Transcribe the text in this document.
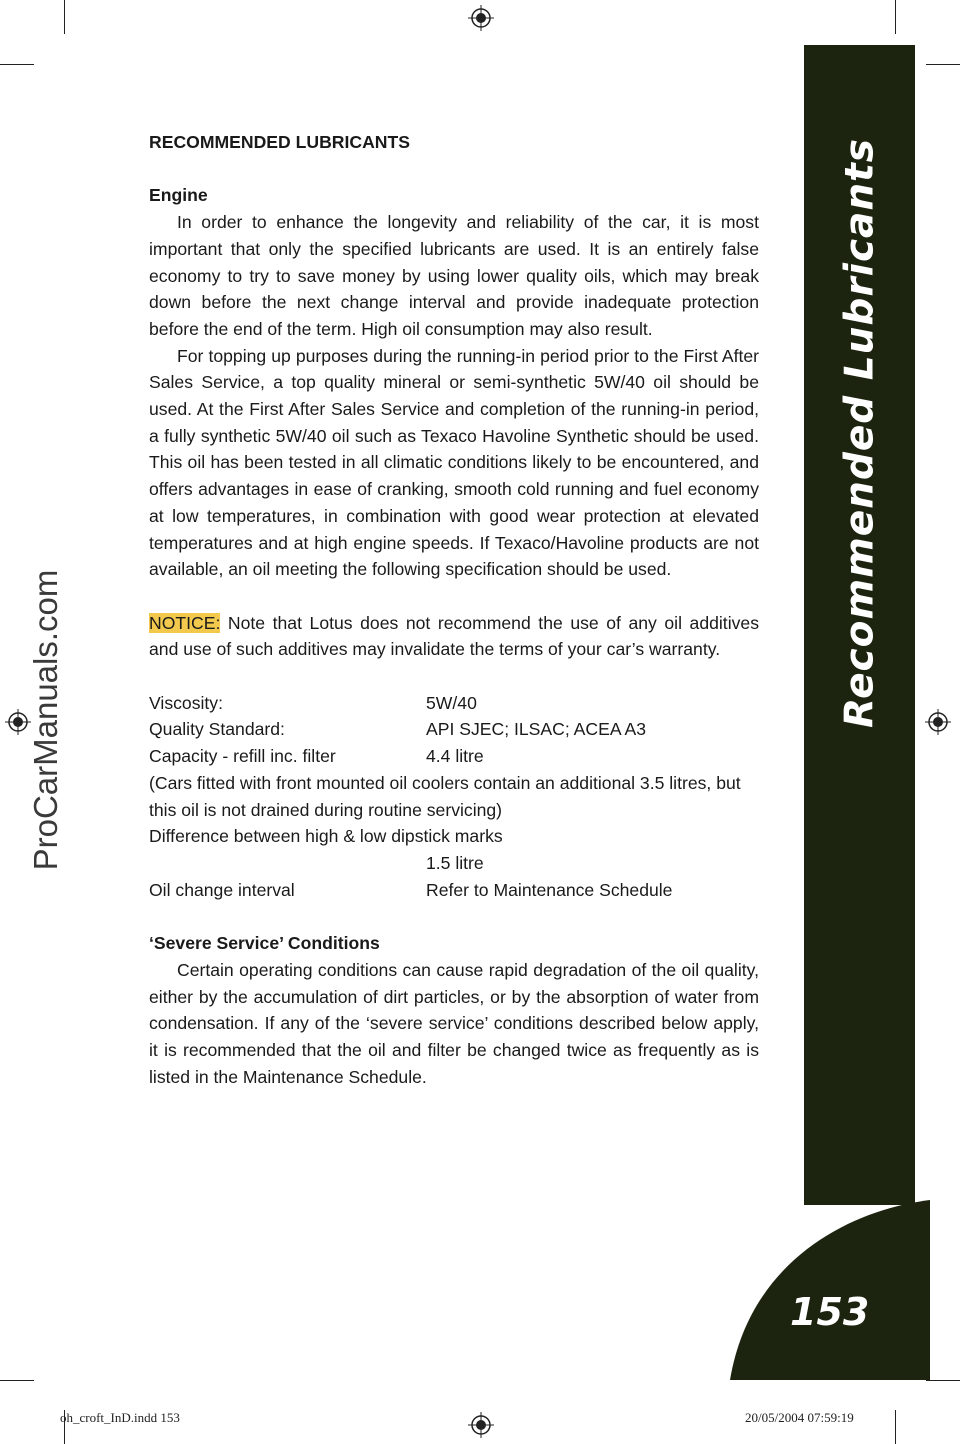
Recommended Lubricants
153
ProCarManuals.com

RECOMMENDED LUBRICANTS

Engine

In order to enhance the longevity and reliability of the car, it is most important that only the specified lubricants are used. It is an entirely false economy to try to save money by using lower quality oils, which may break down before the next change interval and provide inadequate protection before the end of the term. High oil consumption may also result.

For topping up purposes during the running-in period prior to the First After Sales Service, a top quality mineral or semi-synthetic 5W/40 oil should be used. At the First After Sales Service and completion of the running-in period, a fully synthetic 5W/40 oil such as Texaco Havoline Synthetic should be used. This oil has been tested in all climatic conditions likely to be encountered, and offers advantages in ease of cranking, smooth cold running and fuel economy at low temperatures, in combination with good wear protection at elevated temperatures and at high engine speeds. If Texaco/Havoline products are not available, an oil meeting the following specification should be used.

NOTICE: Note that Lotus does not recommend the use of any oil additives and use of such additives may invalidate the terms of your car’s warranty.

Viscosity:	5W/40
Quality Standard:	API SJEC; ILSAC; ACEA A3
Capacity - refill inc. filter	4.4 litre

(Cars fitted with front mounted oil coolers contain an additional 3.5 litres, but this oil is not drained during routine servicing)

Difference between high & low dipstick marks

1.5 litre
Oil change interval	Refer to Maintenance Schedule

‘Severe Service’ Conditions

Certain operating conditions can cause rapid degradation of the oil quality, either by the accumulation of dirt particles, or by the absorption of water from condensation. If any of the ‘severe service’ conditions described below apply, it is recommended that the oil and filter be changed twice as frequently as is listed in the Maintenance Schedule.

oh_croft_InD.indd 153	20/05/2004 07:59:19
